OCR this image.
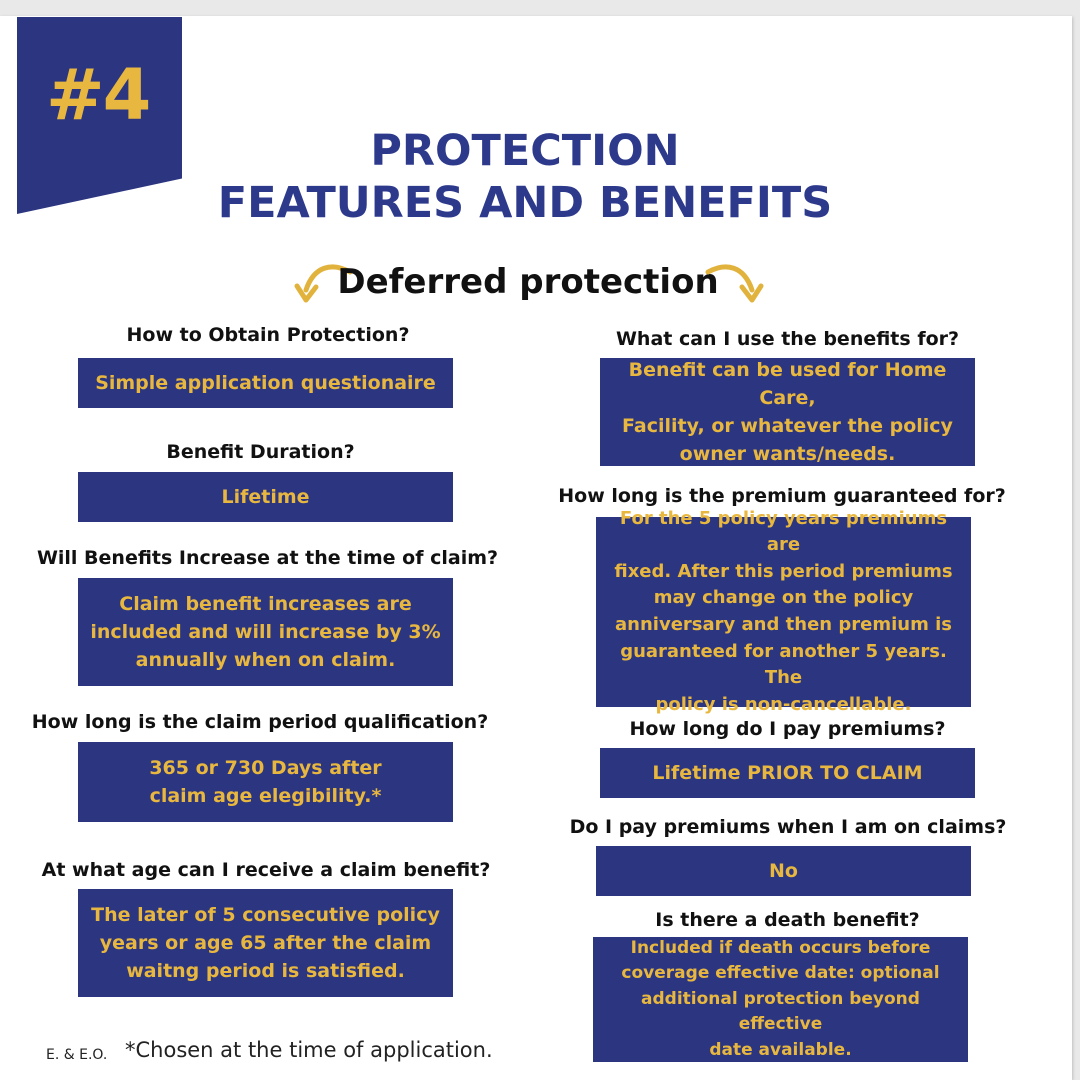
#4
PROTECTION
FEATURES AND BENEFITS
Deferred protection
How to Obtain Protection?
Simple application questionaire
Benefit Duration?
Lifetime
Will Benefits Increase at the time of claim?
Claim benefit increases are
included and will increase by 3%
annually when on claim.
How long is the claim period qualification?
365 or 730 Days after
claim age elegibility.*
At what age can I receive a claim benefit?
The later of 5 consecutive policy
years or age 65 after the claim
waitng period is satisfied.
What can I use the benefits for?
Benefit can be used for Home Care,
Facility, or whatever the policy
owner wants/needs.
How long is the premium guaranteed for?
For the 5 policy years premiums are
fixed. After this period premiums
may change on the policy
anniversary and then premium is
guaranteed for another 5 years. The
policy is non-cancellable.
How long do I pay premiums?
Lifetime PRIOR TO CLAIM
Do I pay premiums when I am on claims?
No
Is there a death benefit?
Included if death occurs before
coverage effective date: optional
additional protection beyond effective
date available.
E. & E.O. *Chosen at the time of application.
